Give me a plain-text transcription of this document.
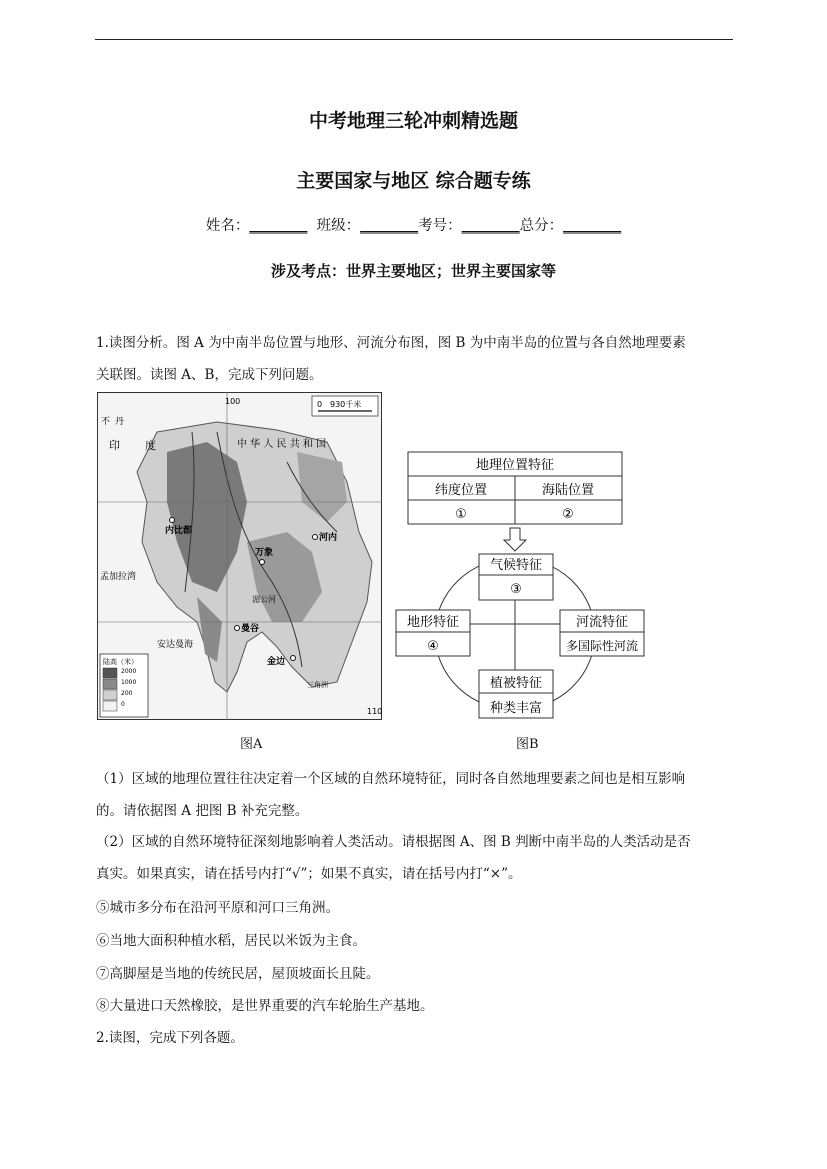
中考地理三轮冲刺精选题
主要国家与地区 综合题专练
姓名：________ 班级：________考号：________总分：________
涉及考点：世界主要地区；世界主要国家等
1.读图分析。图 A 为中南半岛位置与地形、河流分布图，图 B 为中南半岛的位置与各自然地理要素
关联图。读图 A、B，完成下列问题。
0 930千米
100
110
中 华 人 民 共 和 国
印 度
不 丹
孟加拉湾
安达曼海
河内
万象
曼谷
金边
内比都
湄公河
三角洲
陆高（米）
2000
1000
200
0
图A
地理位置特征
纬度位置	海陆位置
①	②
气候特征
③
地形特征
④
河流特征
多国际性河流
植被特征
种类丰富
图B
（1）区域的地理位置往往决定着一个区域的自然环境特征，同时各自然地理要素之间也是相互影响
的。请依据图 A 把图 B 补充完整。
（2）区域的自然环境特征深刻地影响着人类活动。请根据图 A、图 B 判断中南半岛的人类活动是否
真实。如果真实，请在括号内打“√”；如果不真实，请在括号内打“×”。
⑤城市多分布在沿河平原和河口三角洲。
⑥当地大面积种植水稻，居民以米饭为主食。
⑦高脚屋是当地的传统民居，屋顶坡面长且陡。
⑧大量进口天然橡胶，是世界重要的汽车轮胎生产基地。
2.读图，完成下列各题。
